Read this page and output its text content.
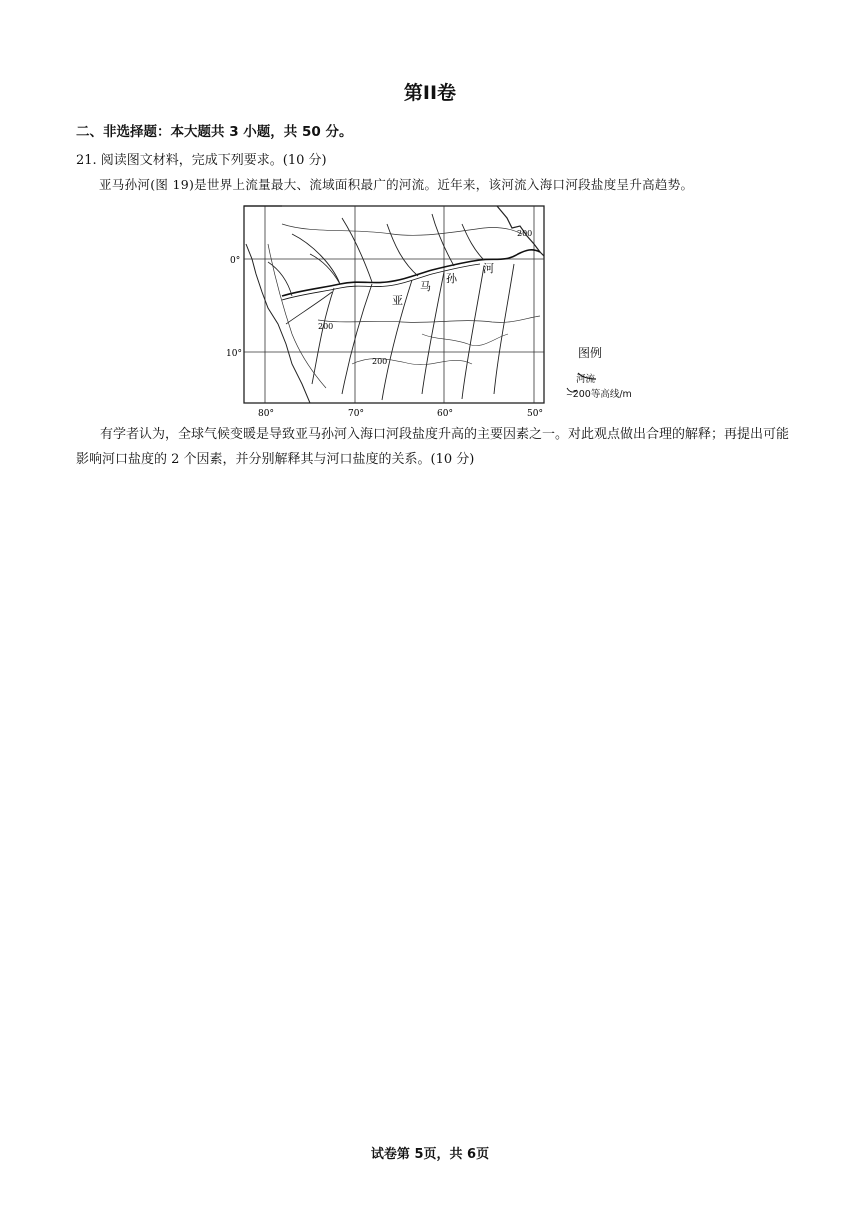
第II卷
二、非选择题：本大题共 3 小题，共 50 分。
21. 阅读图文材料，完成下列要求。(10 分)
亚马孙河(图 19)是世界上流量最大、流域面积最广的河流。近年来，该河流入海口河段盐度呈升高趋势。
0°
10°
80°	70°	60°	50°
亚
马
孙
河
200
200
200
图例
河流
~200
等高线/m
有学者认为，全球气候变暖是导致亚马孙河入海口河段盐度升高的主要因素之一。对此观点做出合理的解释；再提出可能影响河口盐度的 2 个因素，并分别解释其与河口盐度的关系。(10 分)
试卷第 5页，共 6页
